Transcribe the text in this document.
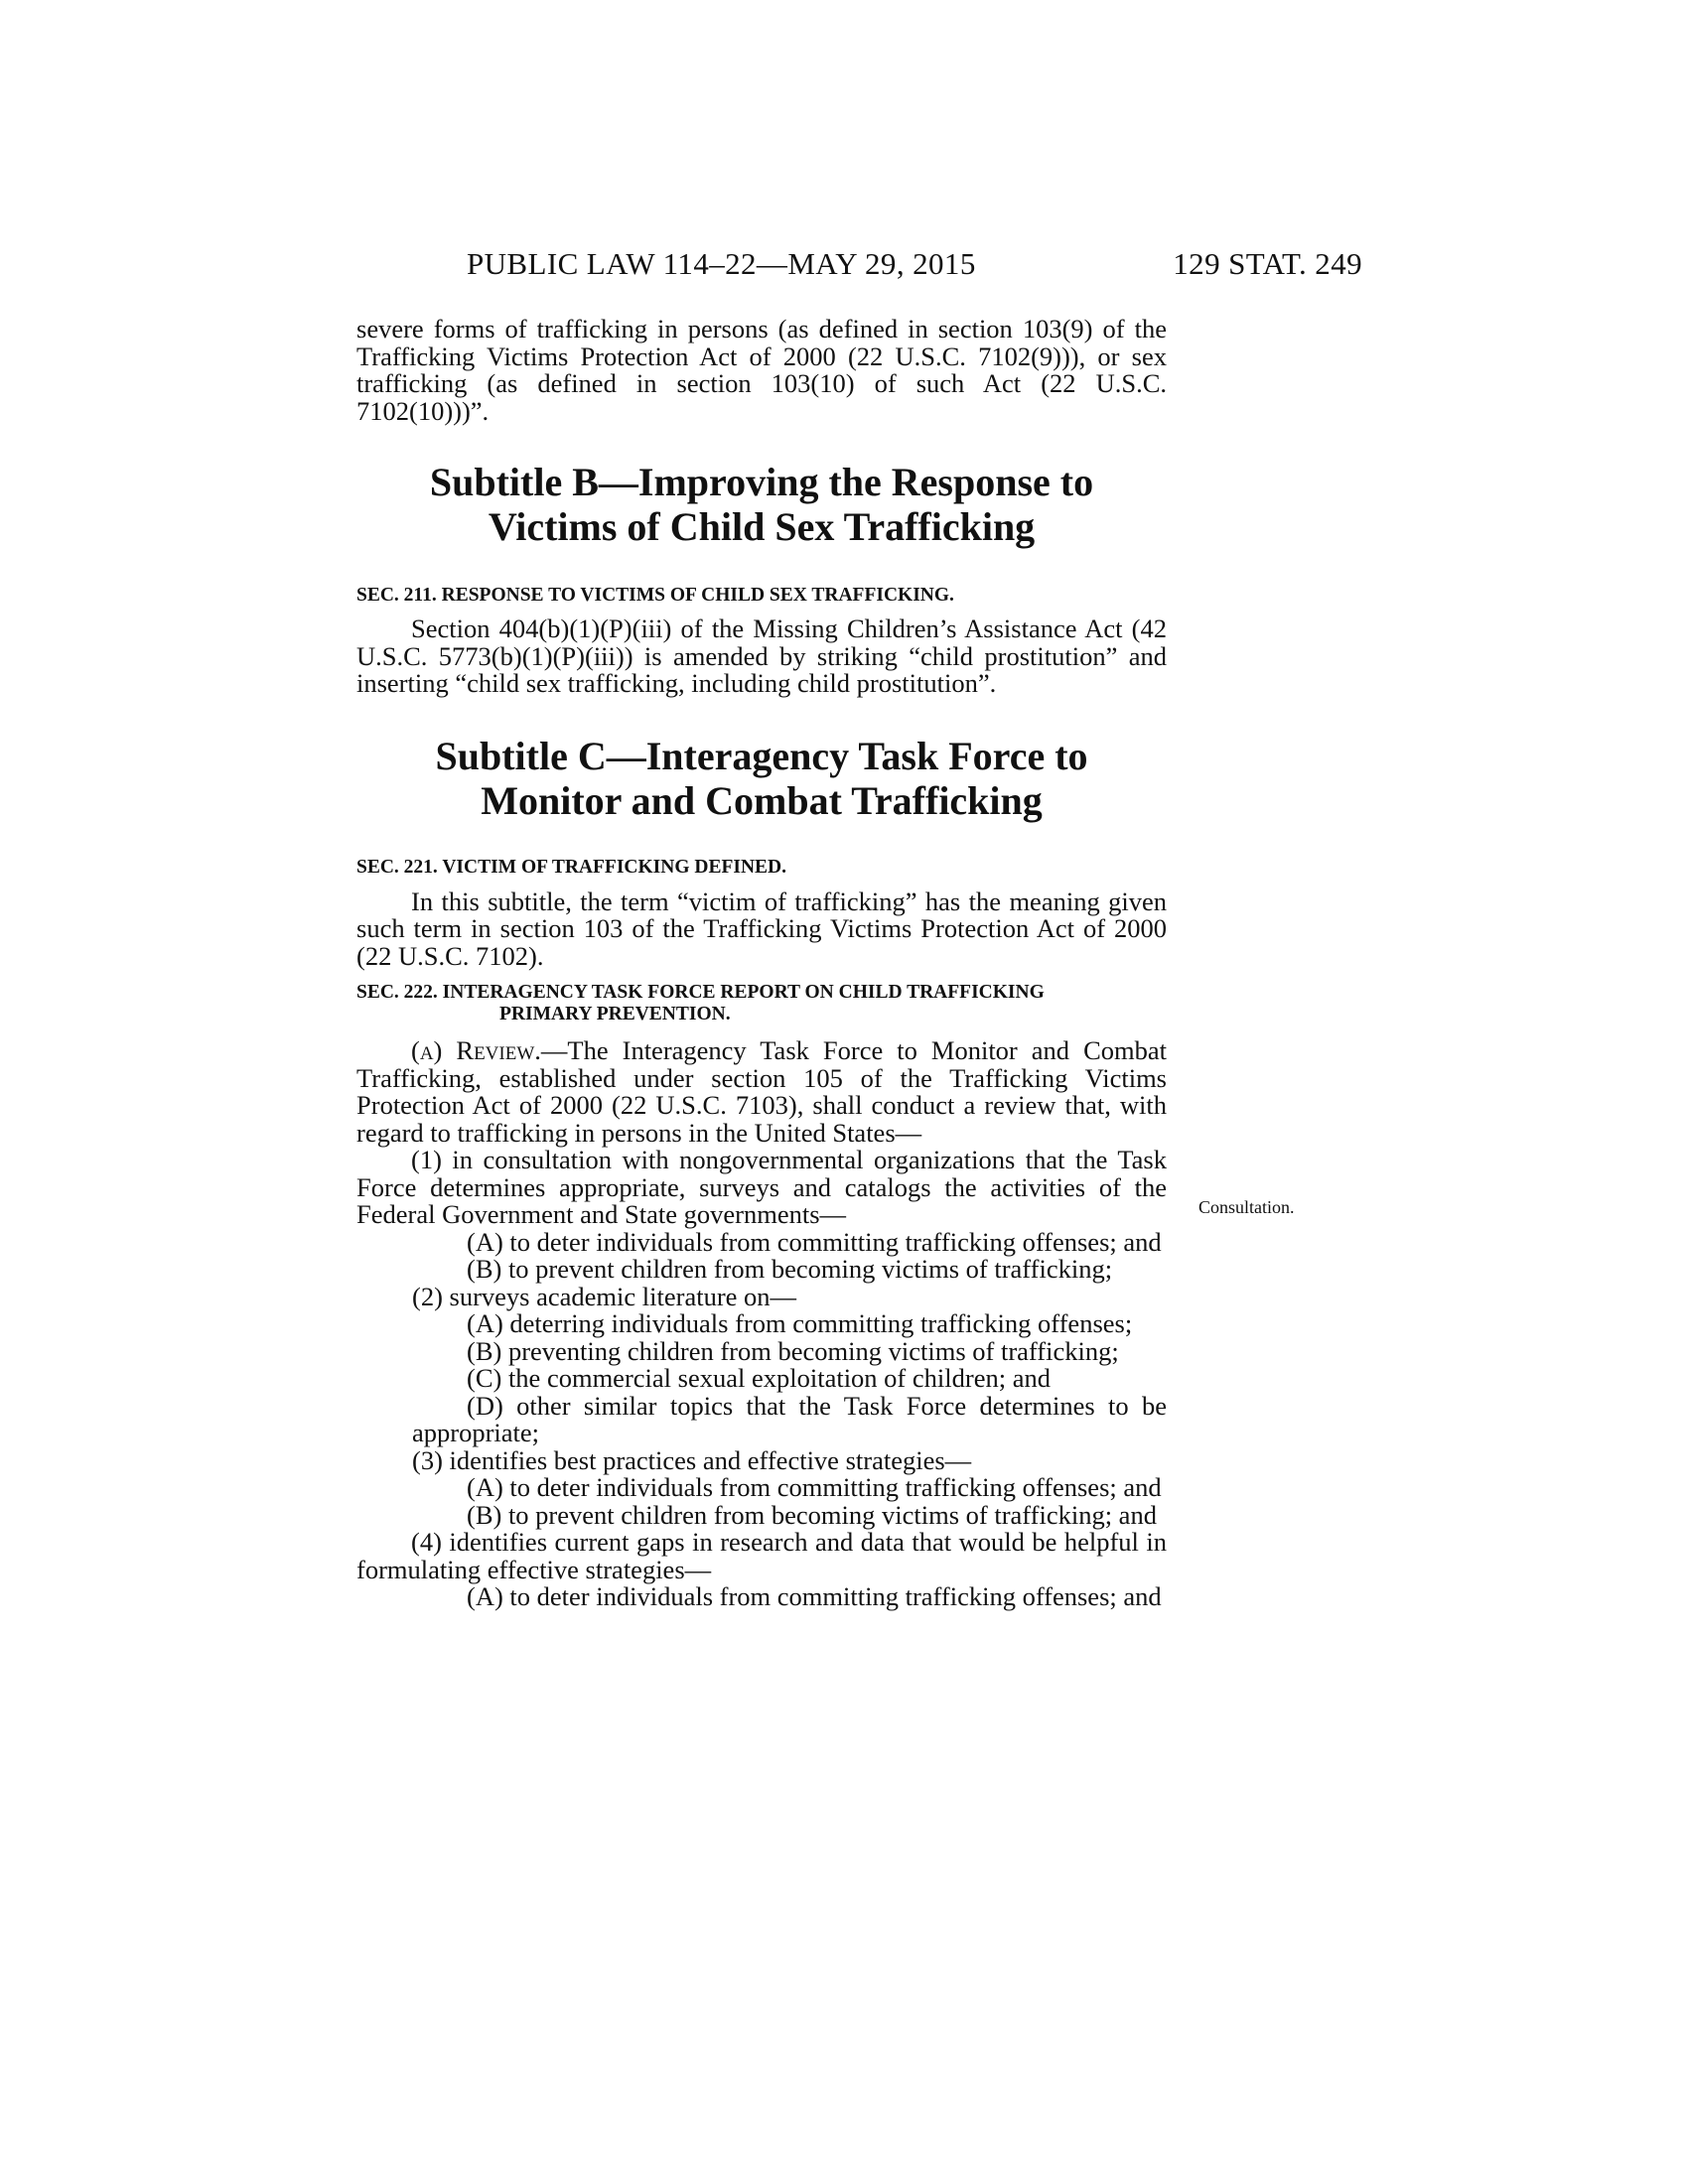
PUBLIC LAW 114–22—MAY 29, 2015	129 STAT. 249

severe forms of trafficking in persons (as defined in section 103(9) of the Trafficking Victims Protection Act of 2000 (22 U.S.C. 7102(9))), or sex trafficking (as defined in section 103(10) of such Act (22 U.S.C. 7102(10)))”.

Subtitle B—Improving the Response to
Victims of Child Sex Trafficking
SEC. 211. RESPONSE TO VICTIMS OF CHILD SEX TRAFFICKING.

Section 404(b)(1)(P)(iii) of the Missing Children’s Assistance Act (42 U.S.C. 5773(b)(1)(P)(iii)) is amended by striking “child prostitution” and inserting “child sex trafficking, including child prostitution”.

Subtitle C—Interagency Task Force to
Monitor and Combat Trafficking
SEC. 221. VICTIM OF TRAFFICKING DEFINED.

In this subtitle, the term “victim of trafficking” has the meaning given such term in section 103 of the Trafficking Victims Protection Act of 2000 (22 U.S.C. 7102).

SEC. 222. INTERAGENCY TASK FORCE REPORT ON CHILD TRAFFICKING
PRIMARY PREVENTION.

(a) Review.—The Interagency Task Force to Monitor and Combat Trafficking, established under section 105 of the Trafficking Victims Protection Act of 2000 (22 U.S.C. 7103), shall conduct a review that, with regard to trafficking in persons in the United States—

(1) in consultation with nongovernmental organizations that the Task Force determines appropriate, surveys and catalogs the activities of the Federal Government and State governments—

(A) to deter individuals from committing trafficking offenses; and

(B) to prevent children from becoming victims of trafficking;

(2) surveys academic literature on—

(A) deterring individuals from committing trafficking offenses;

(B) preventing children from becoming victims of trafficking;

(C) the commercial sexual exploitation of children; and

(D) other similar topics that the Task Force determines to be appropriate;

(3) identifies best practices and effective strategies—

(A) to deter individuals from committing trafficking offenses; and

(B) to prevent children from becoming victims of trafficking; and

(4) identifies current gaps in research and data that would be helpful in formulating effective strategies—

(A) to deter individuals from committing trafficking offenses; and

Consultation.
